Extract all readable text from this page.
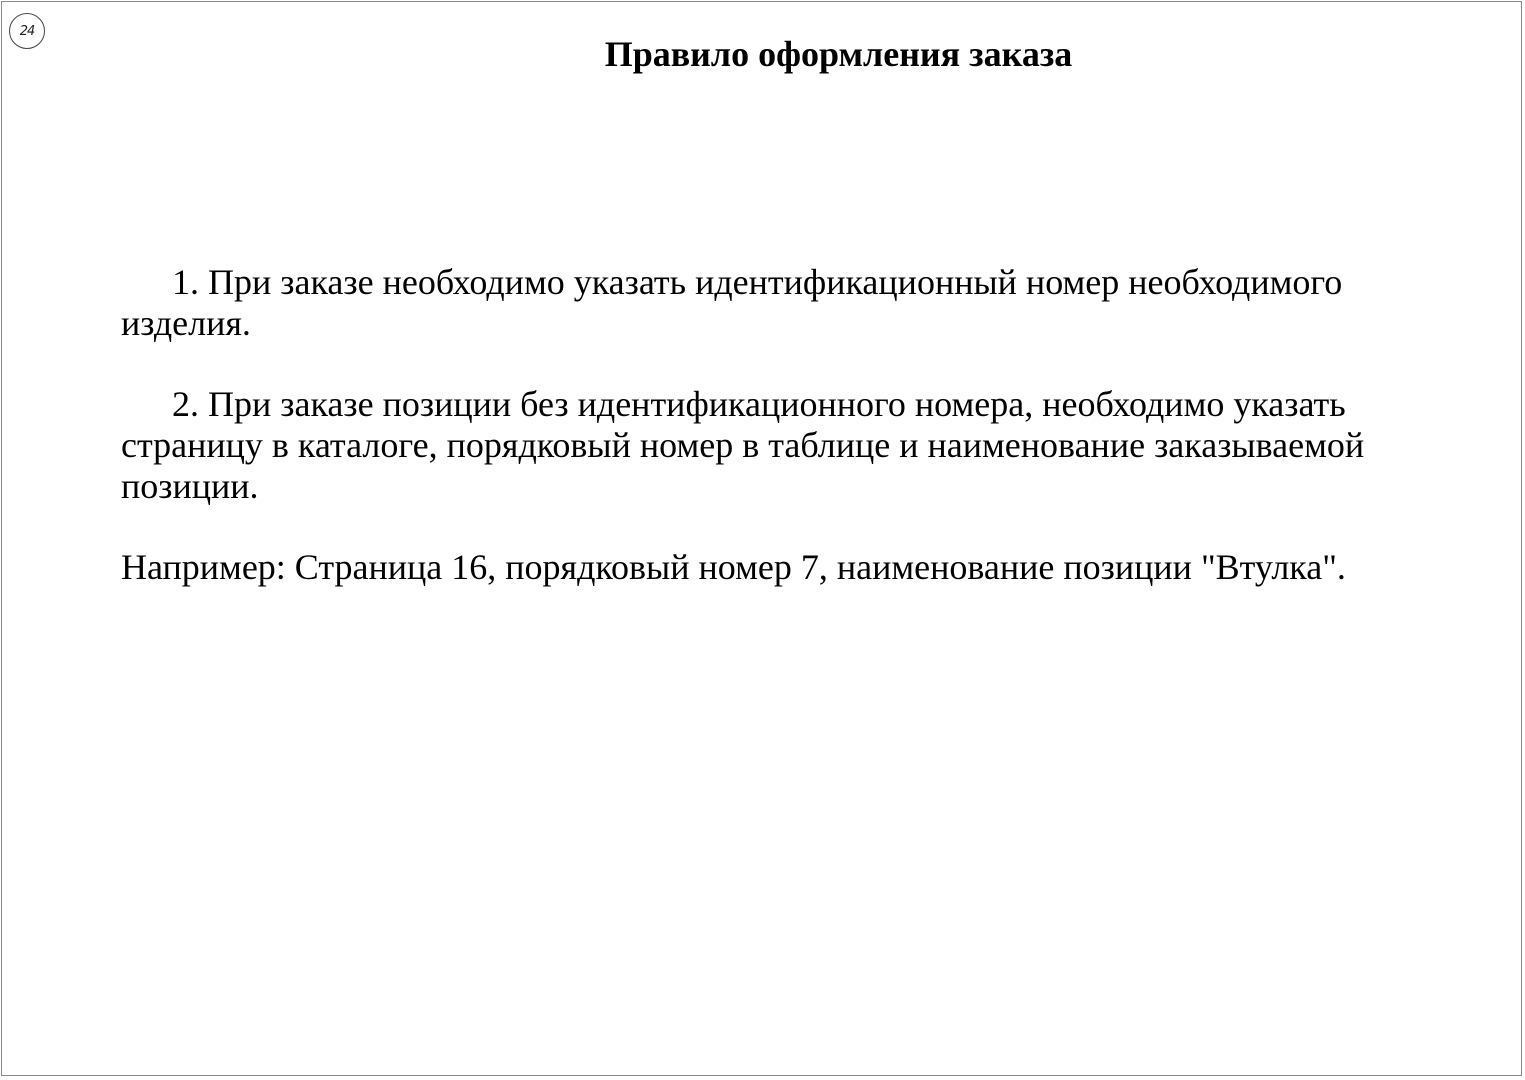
24
Правило оформления заказа

1. При заказе необходимо указать идентификационный номер необходимого изделия.

2. При заказе позиции без идентификационного номера, необходимо указать страницу в каталоге, порядковый номер в таблице и наименование заказываемой позиции.

Например: Страница 16, порядковый номер 7, наименование позиции "Втулка".
